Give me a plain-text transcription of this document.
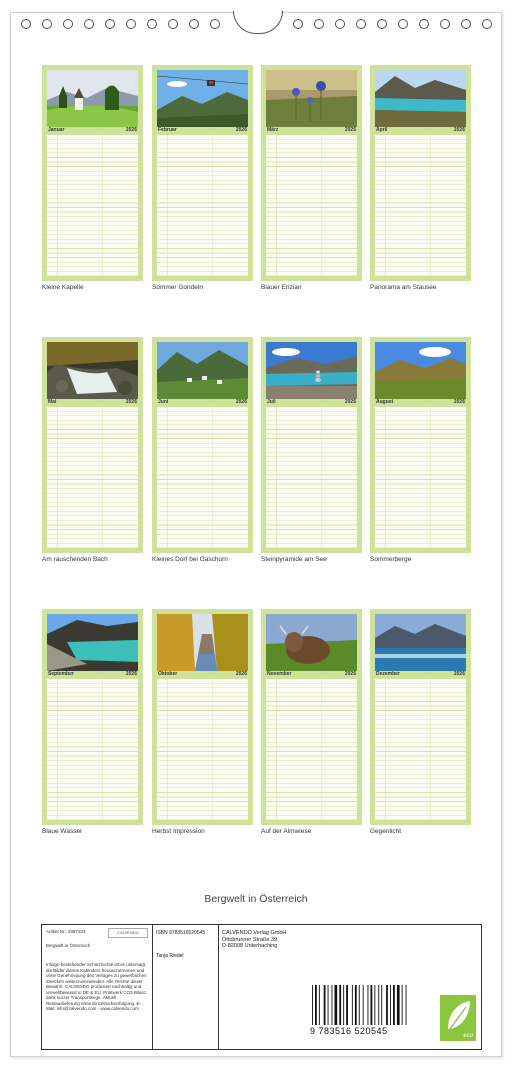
Januar	2026
Kleine Kapelle
Februar	2026
Sommer Gondeln
März	2026
Blauer Enzian
April	2026
Panorama am Stausee
Mai	2026
Am rauschenden Bach
Juni	2026
Kleines Dorf bei Gaschurn
Juli	2026
Steinpyramide am See
August	2026
Sommerberge
September	2026
Blaue Wasser
Oktober	2026
Herbst Impression
November	2026
Auf der Almwiese
Dezember	2026
Gegenlicht
Bergwelt in Österreich
Artikel Nr.: 2087203	CALVENDO
Bergwelt in Österreich
Infolge bestehender Schutzrechte ist es untersagt, die Bilder dieses Kalenders herauszutrennen und ohne Genehmigung des Verlages zu gewerblichen Zwecken weiterzuverwenden. Alle Rechte dieser Bewahrt. CALVENDO produziert nachhaltig und umweltbewusst in DE & EU. Printwerk CO2-Bilanz dank kurzer Transportwege. Aktuell Restauslieferung ohne Einzelrückverfolgung. E-Mail: info@calvendo.com · www.calvendo.com
ISBN 9783516520545
Tanja Riedel
CALVENDO Verlag GmbH
Ottobrunner Straße 39
D-82008 Unterhaching
9 783516 520545	eco
